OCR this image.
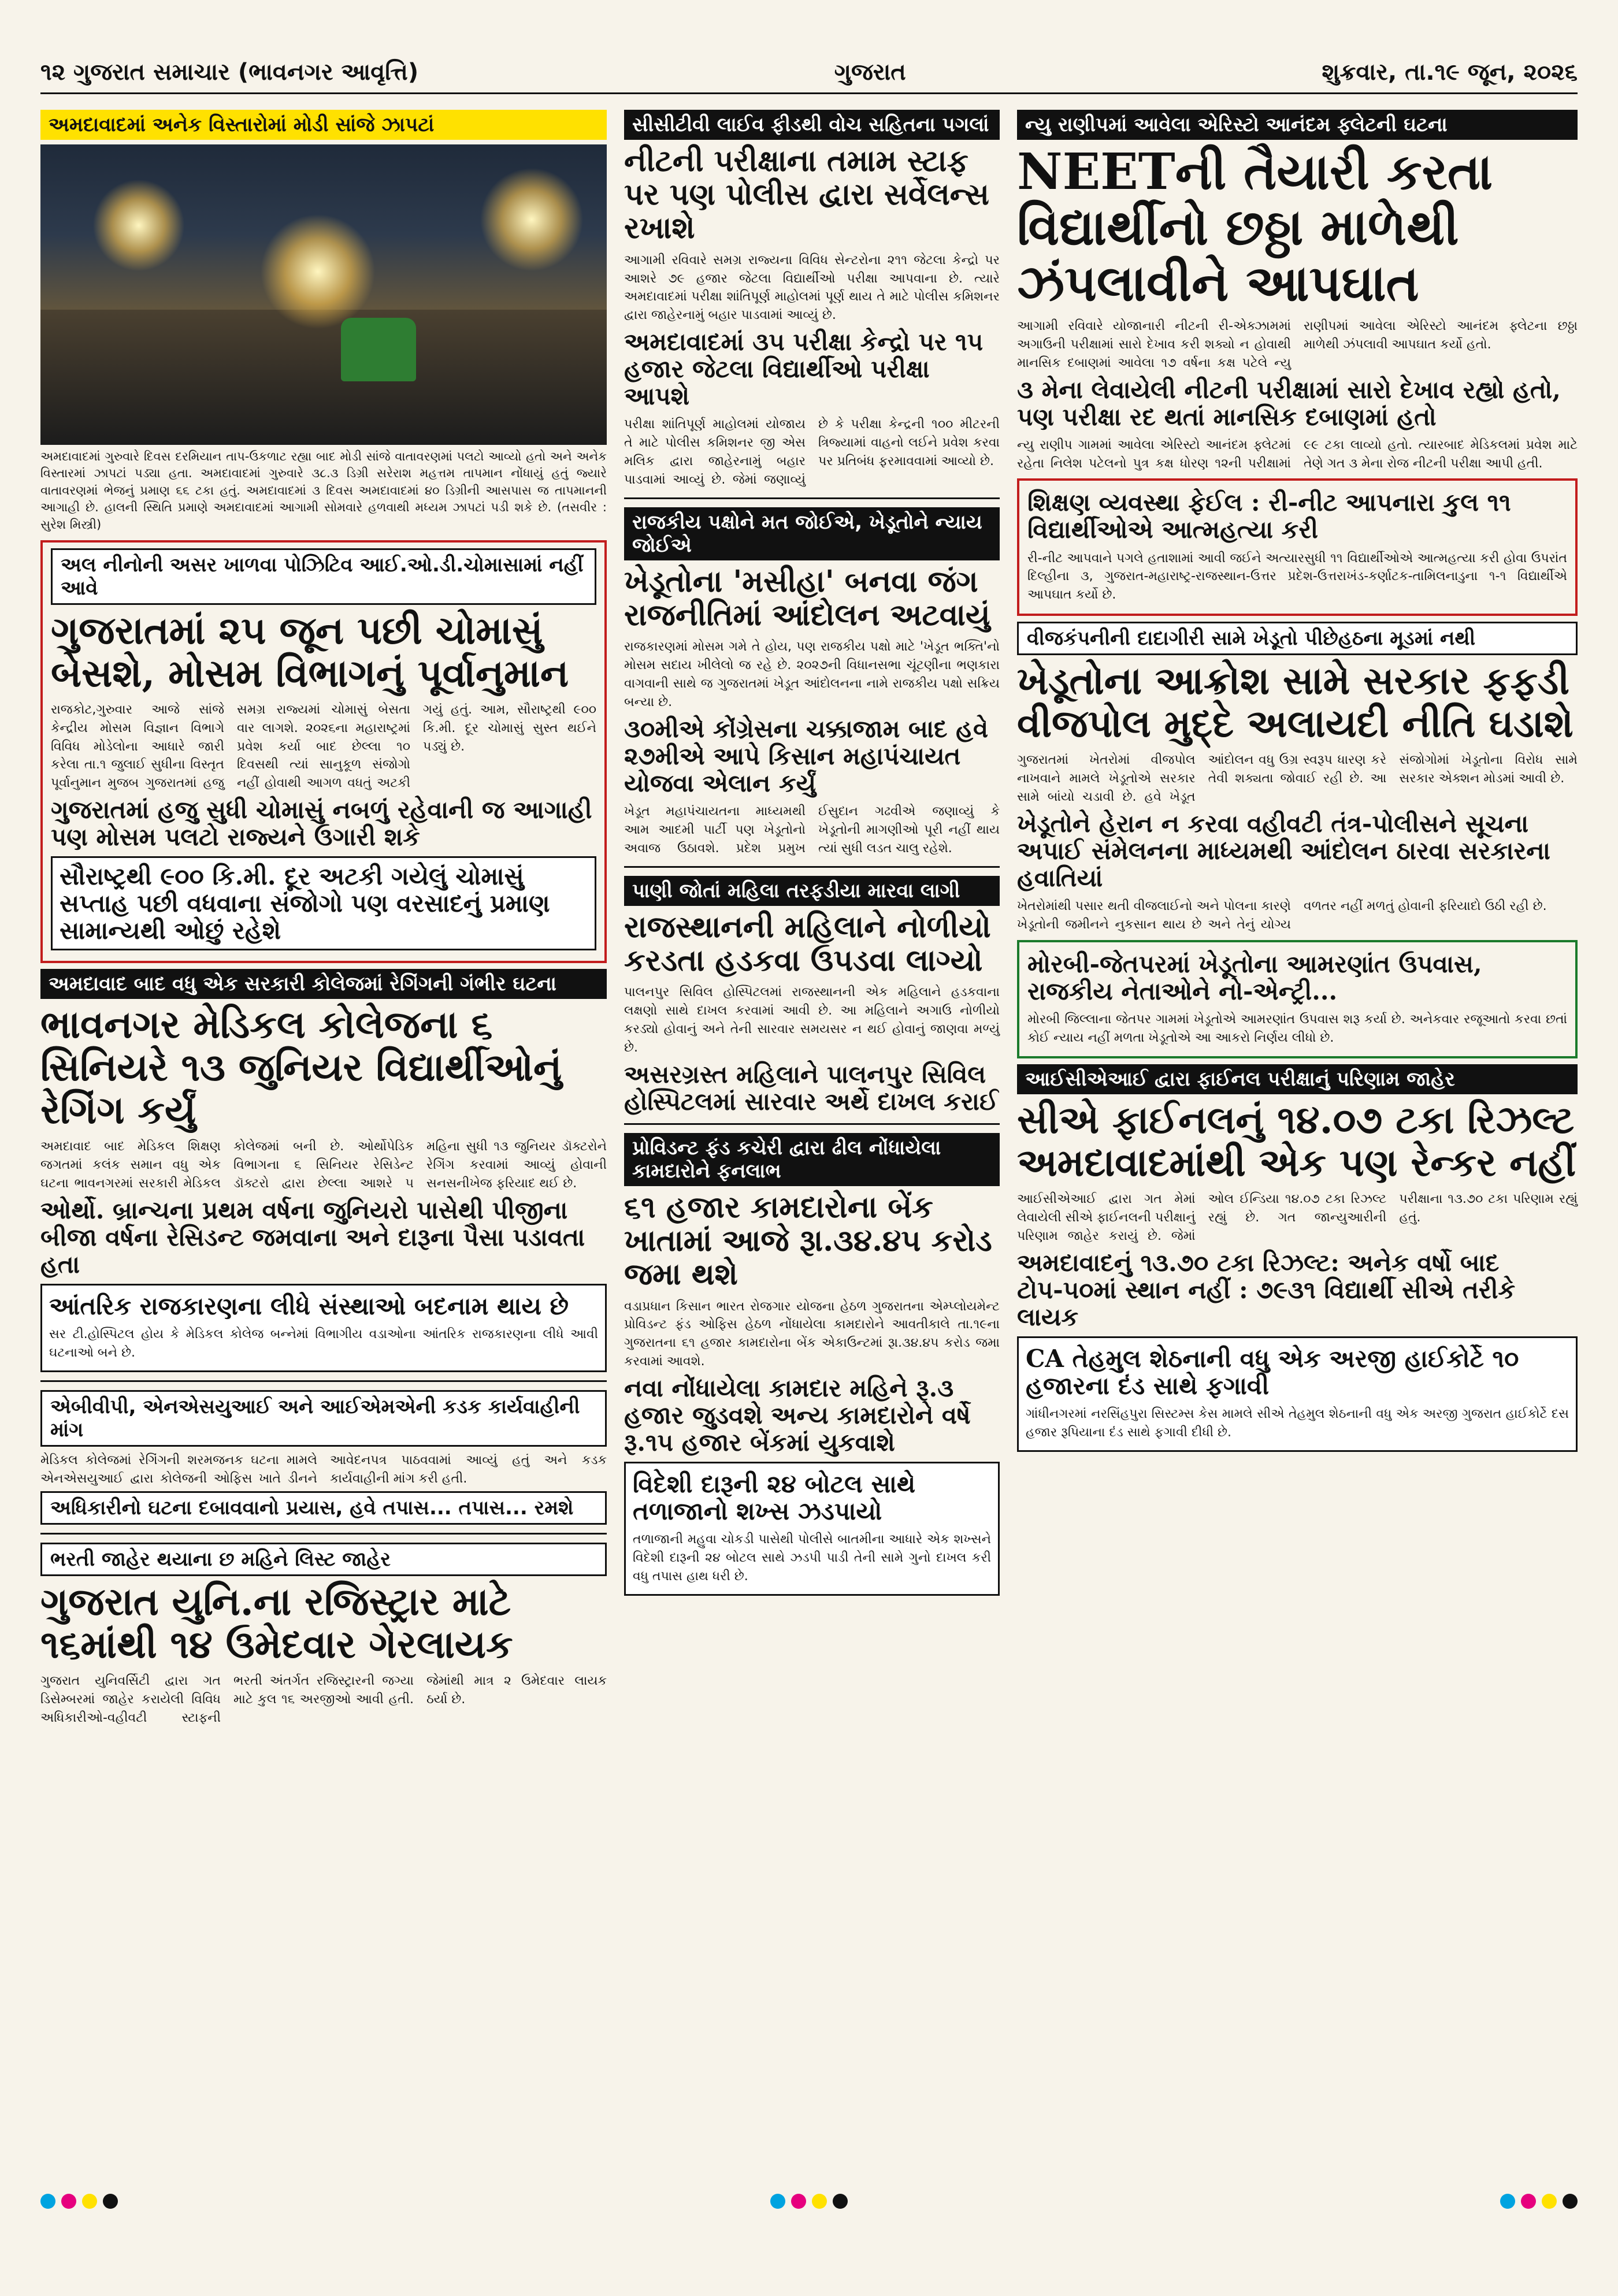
૧૨ ગુજરાત સમાચાર (ભાવનગર આવૃત્તિ)	ગુજરાત	શુક્રવાર, તા.૧૯ જૂન, ૨૦૨૬
અમદાવાદમાં અનેક વિસ્તારોમાં મોડી સાંજે ઝાપટાં
અમદાવાદમાં ગુરુવારે દિવસ દરમિયાન તાપ-ઉકળાટ રહ્યા બાદ મોડી સાંજે વાતાવરણમાં પલટો આવ્યો હતો અને અનેક વિસ્તારમાં ઝાપટાં પડ્યા હતા. અમદાવાદમાં ગુરુવારે ૩૮.૩ ડિગ્રી સરેરાશ મહત્તમ તાપમાન નોંધાયું હતું જ્યારે વાતાવરણમાં ભેજનું પ્રમાણ ૬૬ ટકા હતું. અમદાવાદમાં ૩ દિવસ અમદાવાદમાં ૪૦ ડિગ્રીની આસપાસ જ તાપમાનની આગાહી છે. હાલની સ્થિતિ પ્રમાણે અમદાવાદમાં આગામી સોમવારે હળવાથી મધ્યમ ઝાપટાં પડી શકે છે. (તસવીર : સુરેશ મિસ્ત્રી)
અલ નીનોની અસર ખાળવા પોઝિટિવ આઈ.ઓ.ડી.ચોમાસામાં નહીં આવે
ગુજરાતમાં ૨૫ જૂન પછી ચોમાસું બેસશે, મોસમ વિભાગનું પૂર્વાનુમાન
રાજકોટ,ગુરુવાર આજે સાંજે કેન્દ્રીય મોસમ વિજ્ઞાન વિભાગે વિવિધ મોડેલોના આધારે જારી કરેલા તા.૧ જુલાઈ સુધીના વિસ્તૃત પૂર્વાનુમાન મુજબ ગુજરાતમાં હજુ સમગ્ર રાજ્યમાં ચોમાસું બેસતા વાર લાગશે. ૨૦૨૬ના મહારાષ્ટ્રમાં પ્રવેશ કર્યા બાદ છેલ્લા ૧૦ દિવસથી ત્યાં સાનુકૂળ સંજોગો નહીં હોવાથી આગળ વધતું અટકી ગયું હતું. આમ, સૌરાષ્ટ્રથી ૯૦૦ કિ.મી. દૂર ચોમાસું સુસ્ત થઈને પડ્યું છે.
ગુજરાતમાં હજુ સુધી ચોમાસું નબળું રહેવાની જ આગાહી પણ મોસમ પલટો રાજ્યને ઉગારી શકે
સૌરાષ્ટ્રથી ૯૦૦ કિ.મી. દૂર અટકી ગયેલું ચોમાસું સપ્તાહ પછી વધવાના સંજોગો પણ વરસાદનું પ્રમાણ સામાન્યથી ઓછું રહેશે
અમદાવાદ બાદ વધુ એક સરકારી કોલેજમાં રેગિંગની ગંભીર ઘટના
ભાવનગર મેડિકલ કોલેજના ૬ સિનિયરે ૧૩ જુનિયર વિદ્યાર્થીઓનું રેગિંગ કર્યું
અમદાવાદ બાદ મેડિકલ શિક્ષણ જગતમાં કલંક સમાન વધુ એક ઘટના ભાવનગરમાં સરકારી મેડિકલ કોલેજમાં બની છે. ઓર્થોપેડિક વિભાગના ૬ સિનિયર રેસિડેન્ટ ડૉક્ટરો દ્વારા છેલ્લા આશરે ૫ મહિના સુધી ૧૩ જુનિયર ડૉક્ટરોને રેગિંગ કરવામાં આવ્યું હોવાની સનસનીખેજ ફરિયાદ થઈ છે.
ઓર્થો. બ્રાન્ચના પ્રથમ વર્ષના જુનિયરો પાસેથી પીજીના બીજા વર્ષના રેસિડન્ટ જમવાના અને દારૂના પૈસા પડાવતા હતા
આંતરિક રાજકારણના લીધે સંસ્થાઓ બદનામ થાય છે
સર ટી.હોસ્પિટલ હોય કે મેડિકલ કોલેજ બન્નેમાં વિભાગીય વડાઓના આંતરિક રાજકારણના લીધે આવી ઘટનાઓ બને છે.
એબીવીપી, એનએસયુઆઈ અને આઈએમએની કડક કાર્યવાહીની માંગ
મેડિકલ કોલેજમાં રેગિંગની શરમજનક ઘટના મામલે એનએસયુઆઈ દ્વારા કોલેજની ઓફિસ ખાતે ડીનને આવેદનપત્ર પાઠવવામાં આવ્યું હતું અને કડક કાર્યવાહીની માંગ કરી હતી.
અધિકારીનો ઘટના દબાવવાનો પ્રયાસ, હવે તપાસ... તપાસ... રમશે
ભરતી જાહેર થયાના છ મહિને લિસ્ટ જાહેર
ગુજરાત યુનિ.ના રજિસ્ટ્રાર માટે ૧૬માંથી ૧૪ ઉમેદવાર ગેરલાયક
ગુજરાત યુનિવર્સિટી દ્વારા ગત ડિસેમ્બરમાં જાહેર કરાયેલી વિવિધ અધિકારીઓ-વહીવટી સ્ટાફની ભરતી અંતર્ગત રજિસ્ટ્રારની જગ્યા માટે કુલ ૧૬ અરજીઓ આવી હતી. જેમાંથી માત્ર ૨ ઉમેદવાર લાયક ઠર્યા છે.
સીસીટીવી લાઈવ ફીડથી વોચ સહિતના પગલાં
નીટની પરીક્ષાના તમામ સ્ટાફ પર પણ પોલીસ દ્વારા સર્વેલન્સ રખાશે
આગામી રવિવારે સમગ્ર રાજ્યના વિવિધ સેન્ટરોના ૨૧૧ જેટલા કેન્દ્રો પર આશરે ૭૯ હજાર જેટલા વિદ્યાર્થીઓ પરીક્ષા આપવાના છે. ત્યારે અમદાવાદમાં પરીક્ષા શાંતિપૂર્ણ માહોલમાં પૂર્ણ થાય તે માટે પોલીસ કમિશનર દ્વારા જાહેરનામું બહાર પાડવામાં આવ્યું છે.
અમદાવાદમાં ૩૫ પરીક્ષા કેન્દ્રો પર ૧૫ હજાર જેટલા વિદ્યાર્થીઓ પરીક્ષા આપશે
પરીક્ષા શાંતિપૂર્ણ માહોલમાં યોજાય તે માટે પોલીસ કમિશનર જી એસ મલિક દ્વારા જાહેરનામું બહાર પાડવામાં આવ્યું છે. જેમાં જણાવ્યું છે કે પરીક્ષા કેન્દ્રની ૧૦૦ મીટરની ત્રિજ્યામાં વાહનો લઈને પ્રવેશ કરવા પર પ્રતિબંધ ફરમાવવામાં આવ્યો છે.
રાજકીય પક્ષોને મત જોઈએ, ખેડૂતોને ન્યાય જોઈએ
ખેડૂતોના 'મસીહા' બનવા જંગ રાજનીતિમાં આંદોલન અટવાયું
રાજકારણમાં મોસમ ગમે તે હોય, પણ રાજકીય પક્ષો માટે 'ખેડૂત ભક્તિ'નો મોસમ સદાય ખીલેલો જ રહે છે. ૨૦૨૭ની વિધાનસભા ચૂંટણીના ભણકારા વાગવાની સાથે જ ગુજરાતમાં ખેડૂત આંદોલનના નામે રાજકીય પક્ષો સક્રિય બન્યા છે.
૩૦મીએ કોંગ્રેસના ચક્કાજામ બાદ હવે ૨૭મીએ આપે કિસાન મહાપંચાયત યોજવા એલાન કર્યું
ખેડૂત મહાપંચાયતના માધ્યમથી આમ આદમી પાર્ટી પણ ખેડૂતોનો અવાજ ઉઠાવશે. પ્રદેશ પ્રમુખ ઈસુદાન ગઢવીએ જણાવ્યું કે ખેડૂતોની માગણીઓ પૂરી નહીં થાય ત્યાં સુધી લડત ચાલુ રહેશે.
પાણી જોતાં મહિલા તરફડીયા મારવા લાગી
રાજસ્થાનની મહિલાને નોળીયો કરડતા હડકવા ઉપડવા લાગ્યો
પાલનપુર સિવિલ હોસ્પિટલમાં રાજસ્થાનની એક મહિલાને હડકવાના લક્ષણો સાથે દાખલ કરવામાં આવી છે. આ મહિલાને અગાઉ નોળીયો કરડ્યો હોવાનું અને તેની સારવાર સમયસર ન થઈ હોવાનું જાણવા મળ્યું છે.
અસરગ્રસ્ત મહિલાને પાલનપુર સિવિલ હોસ્પિટલમાં સારવાર અર્થે દાખલ કરાઈ
પ્રોવિડન્ટ ફંડ કચેરી દ્વારા ઢીલ નોંધાયેલા કામદારોને ફનલાભ
૬૧ હજાર કામદારોના બેંક ખાતામાં આજે રૂા.૩૪.૪૫ કરોડ જમા થશે
વડાપ્રધાન કિસાન ભારત રોજગાર યોજના હેઠળ ગુજરાતના એમ્પ્લોયમેન્ટ પ્રોવિડન્ટ ફંડ ઓફિસ હેઠળ નોંધાયેલા કામદારોને આવતીકાલે તા.૧૯ના ગુજરાતના ૬૧ હજાર કામદારોના બેંક એકાઉન્ટમાં રૂા.૩૪.૪૫ કરોડ જમા કરવામાં આવશે.
નવા નોંધાયેલા કામદાર મહિને રૂ.૩ હજાર જુડવશે અન્ય કામદારોને વર્ષે રૂ.૧૫ હજાર બેંકમાં યુકવાશે
વિદેશી દારૂની ૨૪ બોટલ સાથે તળાજાનો શખ્સ ઝડપાયો
તળાજાની મહુવા ચોકડી પાસેથી પોલીસે બાતમીના આધારે એક શખ્સને વિદેશી દારૂની ૨૪ બોટલ સાથે ઝડપી પાડી તેની સામે ગુનો દાખલ કરી વધુ તપાસ હાથ ધરી છે.
ન્યુ રાણીપમાં આવેલા એરિસ્ટો આનંદમ ફ્લેટની ઘટના
NEETની તૈયારી કરતા વિદ્યાર્થીનો છઠ્ઠા માળેથી ઝંપલાવીને આપઘાત
આગામી રવિવારે યોજાનારી નીટની રી-એક્ઝામમાં અગાઉની પરીક્ષામાં સારો દેખાવ કરી શક્યો ન હોવાથી માનસિક દબાણમાં આવેલા ૧૭ વર્ષના કક્ષ પટેલે ન્યુ રાણીપમાં આવેલા એરિસ્ટો આનંદમ ફ્લેટના છઠ્ઠા માળેથી ઝંપલાવી આપઘાત કર્યો હતો.
૩ મેના લેવાયેલી નીટની પરીક્ષામાં સારો દેખાવ રહ્યો હતો, પણ પરીક્ષા રદ થતાં માનસિક દબાણમાં હતો
ન્યુ રાણીપ ગામમાં આવેલા એરિસ્ટો આનંદમ ફ્લેટમાં રહેતા નિલેશ પટેલનો પુત્ર કક્ષ ધોરણ ૧૨ની પરીક્ષામાં ૯૯ ટકા લાવ્યો હતો. ત્યારબાદ મેડિકલમાં પ્રવેશ માટે તેણે ગત ૩ મેના રોજ નીટની પરીક્ષા આપી હતી.
શિક્ષણ વ્યવસ્થા ફેઈલ : રી-નીટ આપનારા કુલ ૧૧ વિદ્યાર્થીઓએ આત્મહત્યા કરી
રી-નીટ આપવાને પગલે હતાશામાં આવી જઈને અત્યારસુધી ૧૧ વિદ્યાર્થીઓએ આત્મહત્યા કરી હોવા ઉપરાંત દિલ્હીના ૩, ગુજરાત-મહારાષ્ટ્ર-રાજસ્થાન-ઉત્તર પ્રદેશ-ઉત્તરાખંડ-કર્ણાટક-તામિલનાડુના ૧-૧ વિદ્યાર્થીએ આપઘાત કર્યો છે.
વીજકંપનીની દાદાગીરી સામે ખેડૂતો પીછેહઠના મૂડમાં નથી
ખેડૂતોના આક્રોશ સામે સરકાર ફફડી વીજપોલ મુદ્દે અલાયદી નીતિ ઘડાશે
ગુજરાતમાં ખેતરોમાં વીજપોલ નાખવાને મામલે ખેડૂતોએ સરકાર સામે બાંયો ચડાવી છે. હવે ખેડૂત આંદોલન વધુ ઉગ્ર સ્વરૂપ ધારણ કરે તેવી શક્યતા જોવાઈ રહી છે. આ સંજોગોમાં ખેડૂતોના વિરોધ સામે સરકાર એક્શન મોડમાં આવી છે.
ખેડૂતોને હેરાન ન કરવા વહીવટી તંત્ર-પોલીસને સૂચના અપાઈ સંમેલનના માધ્યમથી આંદોલન ઠારવા સરકારના હવાતિયાં
ખેતરોમાંથી પસાર થતી વીજલાઈનો અને પોલના કારણે ખેડૂતોની જમીનને નુકસાન થાય છે અને તેનું યોગ્ય વળતર નહીં મળતું હોવાની ફરિયાદો ઉઠી રહી છે.
મોરબી-જેતપરમાં ખેડૂતોના આમરણાંત ઉપવાસ, રાજકીય નેતાઓને નો-એન્ટ્રી...
મોરબી જિલ્લાના જેતપર ગામમાં ખેડૂતોએ આમરણાંત ઉપવાસ શરૂ કર્યા છે. અનેકવાર રજૂઆતો કરવા છતાં કોઈ ન્યાય નહીં મળતા ખેડૂતોએ આ આકરો નિર્ણય લીધો છે.
આઈસીએઆઈ દ્વારા ફાઈનલ પરીક્ષાનું પરિણામ જાહેર
સીએ ફાઈનલનું ૧૪.૦૭ ટકા રિઝલ્ટ અમદાવાદમાંથી એક પણ રેન્કર નહીં
આઈસીએઆઈ દ્વારા ગત મેમાં લેવાયેલી સીએ ફાઈનલની પરીક્ષાનું પરિણામ જાહેર કરાયું છે. જેમાં ઓલ ઈન્ડિયા ૧૪.૦૭ ટકા રિઝલ્ટ રહ્યું છે. ગત જાન્યુઆરીની પરીક્ષાના ૧૩.૭૦ ટકા પરિણામ રહ્યું હતું.
અમદાવાદનું ૧૩.૭૦ ટકા રિઝલ્ટ: અનેક વર્ષો બાદ ટોપ-૫૦માં સ્થાન નહીં : ૭૯૩૧ વિદ્યાર્થી સીએ તરીકે લાયક
CA તેહમુલ શેઠનાની વધુ એક અરજી હાઈકોર્ટે ૧૦ હજારના દંડ સાથે ફગાવી
ગાંધીનગરમાં નરસિંહપુરા સિસ્ટમ્સ કેસ મામલે સીએ તેહમુલ શેઠનાની વધુ એક અરજી ગુજરાત હાઈકોર્ટે દસ હજાર રૂપિયાના દંડ સાથે ફગાવી દીધી છે.
